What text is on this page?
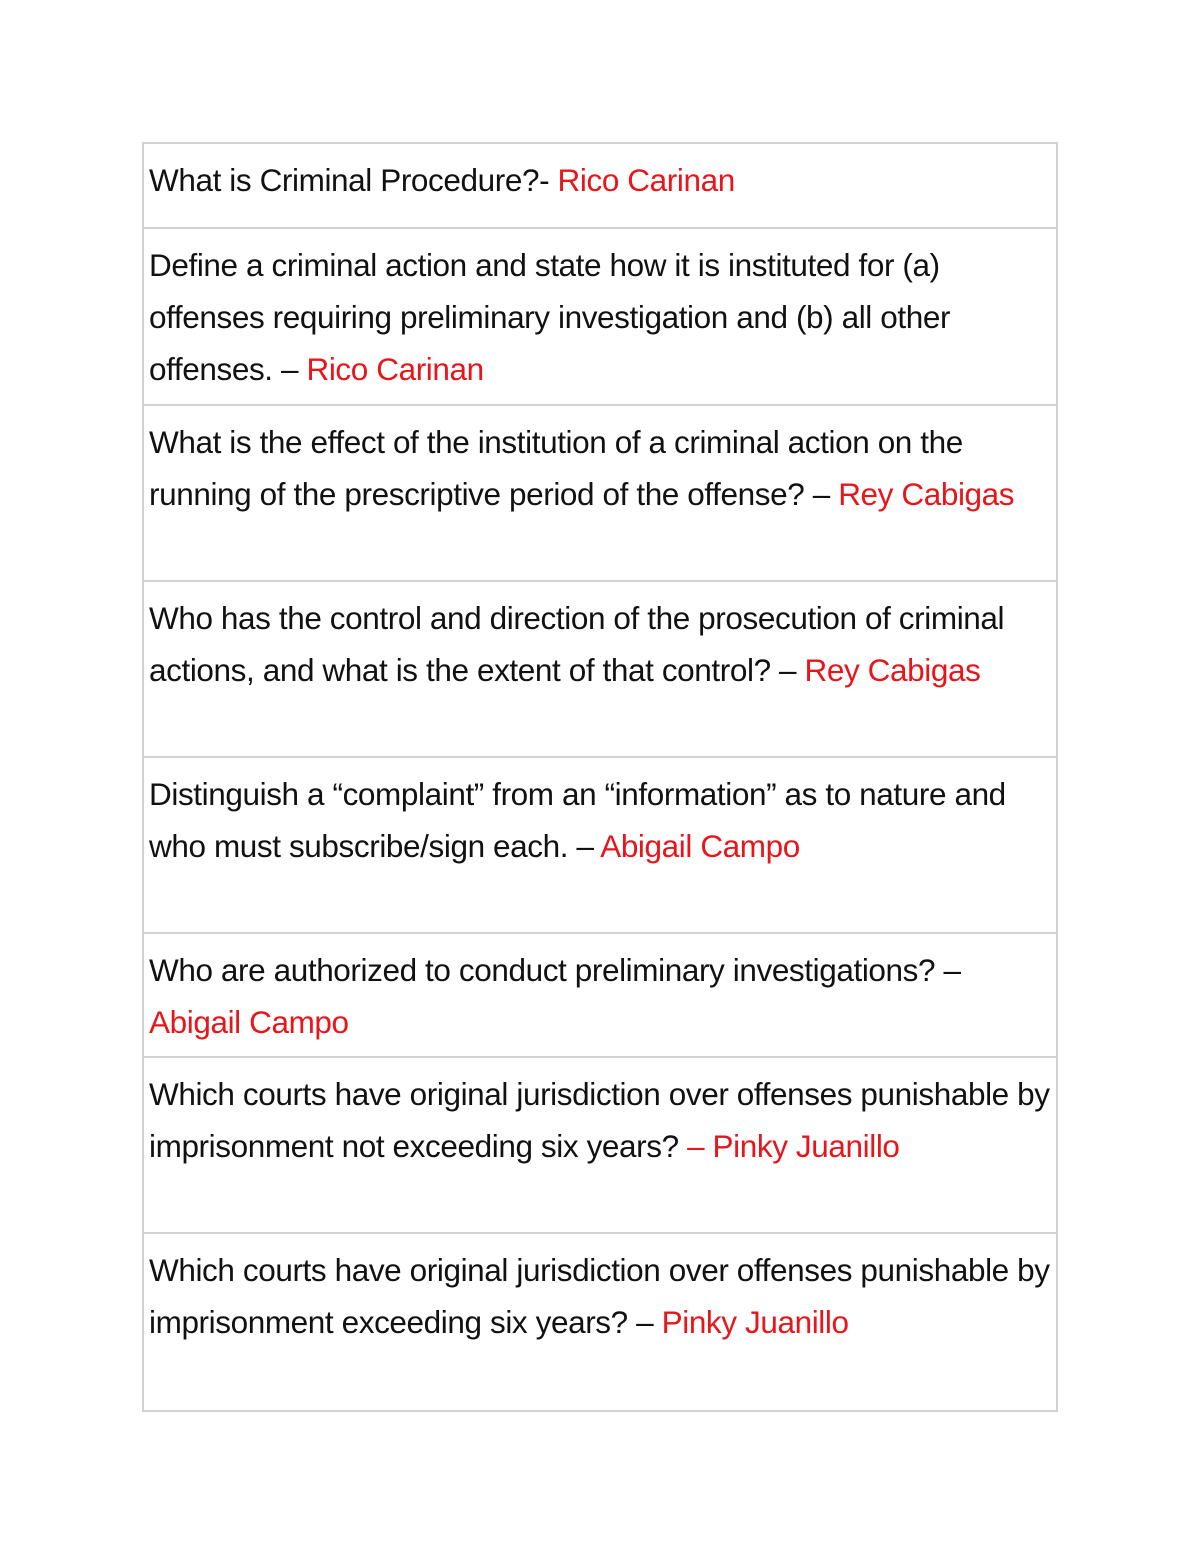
What is Criminal Procedure?- Rico Carinan
Define a criminal action and state how it is instituted for (a) offenses requiring preliminary investigation and (b) all other offenses. – Rico Carinan
What is the effect of the institution of a criminal action on the running of the prescriptive period of the offense? – Rey Cabigas
Who has the control and direction of the prosecution of criminal actions, and what is the extent of that control? – Rey Cabigas
Distinguish a “complaint” from an “information” as to nature and who must subscribe/sign each. – Abigail Campo
Who are authorized to conduct preliminary investigations? – Abigail Campo
Which courts have original jurisdiction over offenses punishable by imprisonment not exceeding six years? – Pinky Juanillo
Which courts have original jurisdiction over offenses punishable by imprisonment exceeding six years? – Pinky Juanillo
